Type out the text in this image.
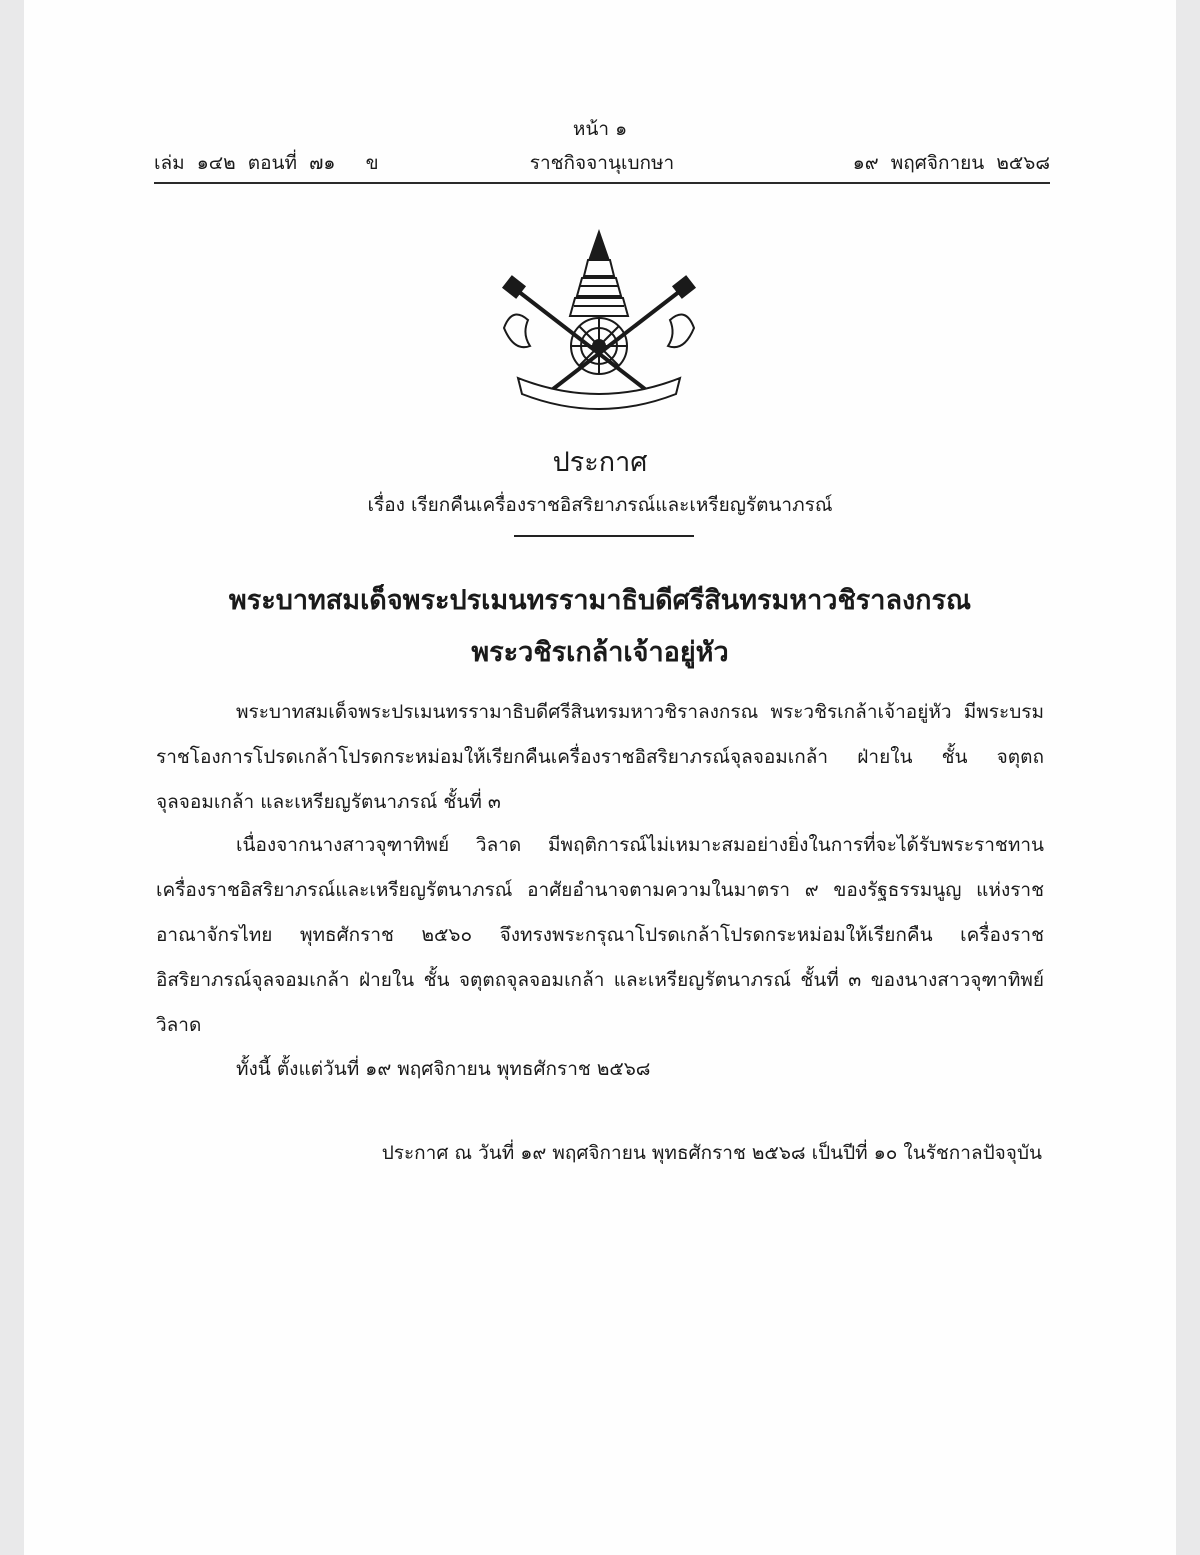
หน้า ๑
ราชกิจจานุเบกษา
เล่ม  ๑๔๒  ตอนที่  ๗๑     ข	๑๙  พฤศจิกายน  ๒๕๖๘
ประกาศ
เรื่อง เรียกคืนเครื่องราชอิสริยาภรณ์และเหรียญรัตนาภรณ์
พระบาทสมเด็จพระปรเมนทรรามาธิบดีศรีสินทรมหาวชิราลงกรณ
พระวชิรเกล้าเจ้าอยู่หัว
พระบาทสมเด็จพระปรเมนทรรามาธิบดีศรีสินทรมหาวชิราลงกรณ พระวชิรเกล้าเจ้าอยู่หัว มีพระบรมราชโองการโปรดเกล้าโปรดกระหม่อมให้เรียกคืนเครื่องราชอิสริยาภรณ์จุลจอมเกล้า ฝ่ายใน ชั้น จตุตถจุลจอมเกล้า และเหรียญรัตนาภรณ์ ชั้นที่ ๓
เนื่องจากนางสาวจุฑาทิพย์ วิลาด มีพฤติการณ์ไม่เหมาะสมอย่างยิ่งในการที่จะได้รับพระราชทาน เครื่องราชอิสริยาภรณ์และเหรียญรัตนาภรณ์ อาศัยอำนาจตามความในมาตรา ๙ ของรัฐธรรมนูญ แห่งราชอาณาจักรไทย พุทธศักราช ๒๕๖๐ จึงทรงพระกรุณาโปรดเกล้าโปรดกระหม่อมให้เรียกคืน เครื่องราชอิสริยาภรณ์จุลจอมเกล้า ฝ่ายใน ชั้น จตุตถจุลจอมเกล้า และเหรียญรัตนาภรณ์ ชั้นที่ ๓ ของนางสาวจุฑาทิพย์ วิลาด
ทั้งนี้ ตั้งแต่วันที่ ๑๙ พฤศจิกายน พุทธศักราช ๒๕๖๘
ประกาศ ณ วันที่ ๑๙ พฤศจิกายน พุทธศักราช ๒๕๖๘ เป็นปีที่ ๑๐ ในรัชกาลปัจจุบัน
